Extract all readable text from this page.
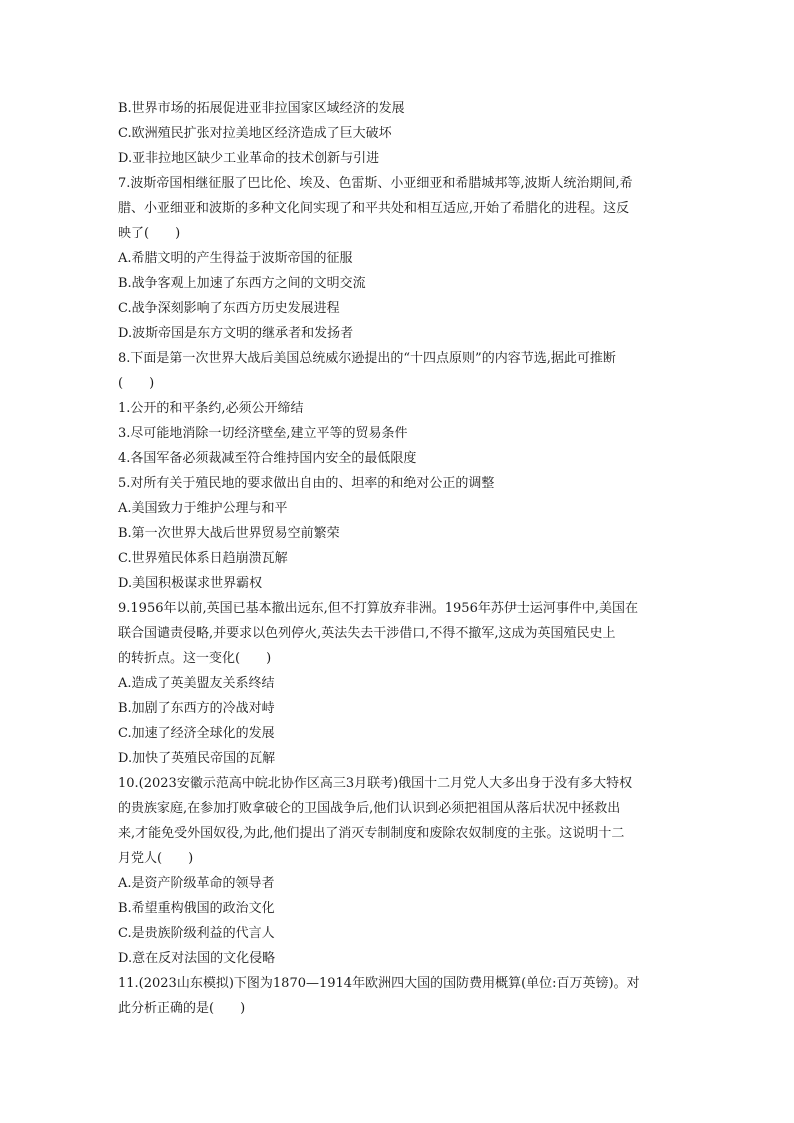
B.世界市场的拓展促进亚非拉国家区域经济的发展
C.欧洲殖民扩张对拉美地区经济造成了巨大破坏
D.亚非拉地区缺少工业革命的技术创新与引进
7.波斯帝国相继征服了巴比伦、埃及、色雷斯、小亚细亚和希腊城邦等,波斯人统治期间,希
腊、小亚细亚和波斯的多种文化间实现了和平共处和相互适应,开始了希腊化的进程。这反
映了(　　)
A.希腊文明的产生得益于波斯帝国的征服
B.战争客观上加速了东西方之间的文明交流
C.战争深刻影响了东西方历史发展进程
D.波斯帝国是东方文明的继承者和发扬者
8.下面是第一次世界大战后美国总统威尔逊提出的“十四点原则”的内容节选,据此可推断
(　　)
1.公开的和平条约,必须公开缔结
3.尽可能地消除一切经济壁垒,建立平等的贸易条件
4.各国军备必须裁减至符合维持国内安全的最低限度
5.对所有关于殖民地的要求做出自由的、坦率的和绝对公正的调整
A.美国致力于维护公理与和平
B.第一次世界大战后世界贸易空前繁荣
C.世界殖民体系日趋崩溃瓦解
D.美国积极谋求世界霸权
9.1956年以前,英国已基本撤出远东,但不打算放弃非洲。1956年苏伊士运河事件中,美国在
联合国谴责侵略,并要求以色列停火,英法失去干涉借口,不得不撤军,这成为英国殖民史上
的转折点。这一变化(　　)
A.造成了英美盟友关系终结
B.加剧了东西方的冷战对峙
C.加速了经济全球化的发展
D.加快了英殖民帝国的瓦解
10.(2023安徽示范高中皖北协作区高三3月联考)俄国十二月党人大多出身于没有多大特权
的贵族家庭,在参加打败拿破仑的卫国战争后,他们认识到必须把祖国从落后状况中拯救出
来,才能免受外国奴役,为此,他们提出了消灭专制制度和废除农奴制度的主张。这说明十二
月党人(　　)
A.是资产阶级革命的领导者
B.希望重构俄国的政治文化
C.是贵族阶级利益的代言人
D.意在反对法国的文化侵略
11.(2023山东模拟)下图为1870—1914年欧洲四大国的国防费用概算(单位:百万英镑)。对
此分析正确的是(　　)
